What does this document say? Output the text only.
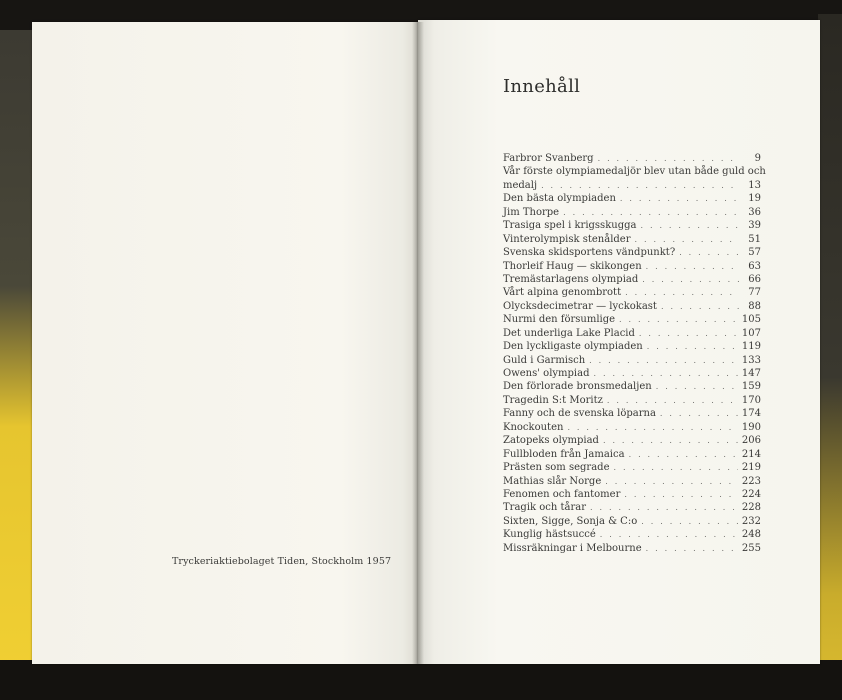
Tryckeriaktiebolaget Tiden, Stockholm 1957
Innehåll
Farbror Svanberg . . .	9
Vår förste olympiamedaljör blev utan både guld och
medalj . . .	13
Den bästa olympiaden . . .	19
Jim Thorpe . . .	36
Trasiga spel i krigsskugga . . .	39
Vinterolympisk stenålder . . .	51
Svenska skidsportens vändpunkt? . . .	57
Thorleif Haug — skikongen . . .	63
Tremästarlagens olympiad . . .	66
Vårt alpina genombrott . . .	77
Olycksdecimetrar — lyckokast . . .	88
Nurmi den försumlige . . .	105
Det underliga Lake Placid . . .	107
Den lyckligaste olympiaden . . .	119
Guld i Garmisch . . .	133
Owens' olympiad . . .	147
Den förlorade bronsmedaljen . . .	159
Tragedin S:t Moritz . . .	170
Fanny och de svenska löparna . . .	174
Knockouten . . .	190
Zatopeks olympiad . . .	206
Fullbloden från Jamaica . . .	214
Prästen som segrade . . .	219
Mathias slår Norge . . .	223
Fenomen och fantomer . . .	224
Tragik och tårar . . .	228
Sixten, Sigge, Sonja & C:o . . .	232
Kunglig hästsuccé . . .	248
Missräkningar i Melbourne . . .	255
